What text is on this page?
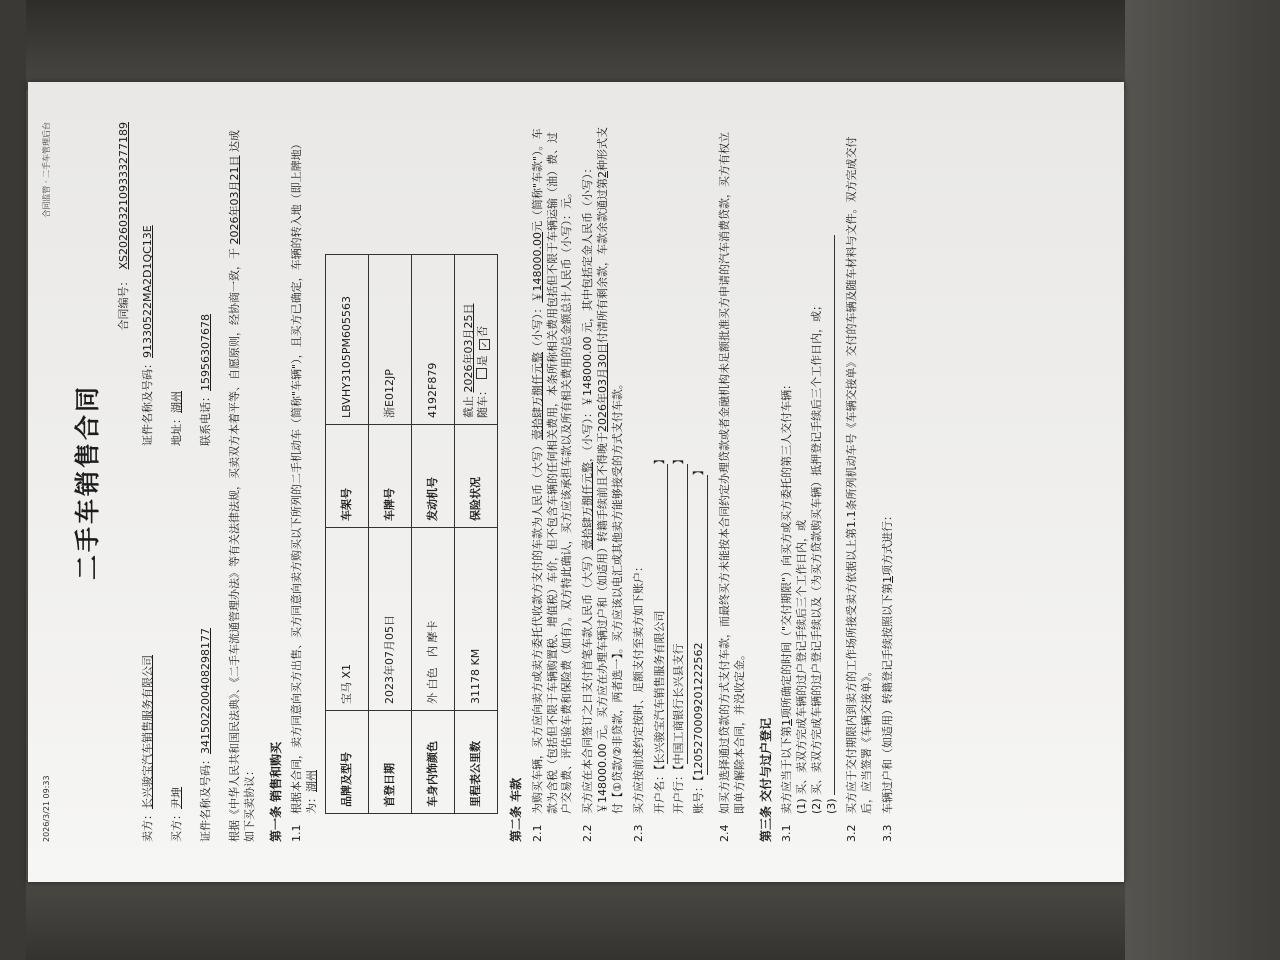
2026/3/21 09:33
合同监管 · 二手车管理后台
二手车销售合同
合同编号：XS2026032109333277189
卖方：长兴骏宝汽车销售服务有限公司
证件名称及号码：91330522MA2D1QC13E
买方：尹坤
地址：湖州
证件名称及号码：341502200408298177
联系电话：15956307678 根据《中华人民共和国民法典》、《二手车流通管理办法》等有关法律法规，买卖双方本着平等、自愿原则，经协商一致，于 2026年03月21日 达成如下买卖协议： 第一条 销售和购买 1.1
根据本合同，卖方同意向买方出售、买方同意向卖方购买以下所列的二手机动车（简称"车辆"），且买方已确定，车辆的转入地（即上牌地）为：湖州 品牌及型号	宝马 X1	车架号	LBVHY3105PM605563
首登日期	2023年07月05日	车牌号	浙E012JP
车身内饰颜色	外 白色   内 摩卡	发动机号	4192F879
里程表公里数	31178 KM	保险状况	截止 2026年03月25日
随车： 是 ✓否
第二条 车款 2.1
为购买车辆，买方应向卖方或卖方委托代收款方支付的车款为人民币（大写）壹拾肆万捌仟元整（小写）：￥148000.00元（简称"车款"）。车款为含税（包括但不限于车辆购置税、增值税）车价，但不包含车辆的任何相关费用，本条所称相关费用包括但不限于车辆运输（油）费、过户交易费、评估验车费和保险费（如有）。双方特此确认，买方应该承担车款以及所有相关费用的总金额总计人民币（小写）：元。
2.2
买方应在本合同签订之日支付首笔车款人民币（大写）壹拾肆万捌仟元整，（小写）：￥148000.00 元，其中包括定金人民币（小写）：￥148000.00 元。买方应在办理车辆过户和（如适用）转籍手续前且不得晚于2026年03月30日付清所有剩余款，车款余款通过第2种形式支付【①贷款/②非贷款，两者选一】。买方应该以电汇或其他卖方能够接受的方式支付车款。
2.3
买方应按前述约定按时、足额支付至卖方如下账户： 开户名：【长兴骏宝汽车销售服务有限公司】
开户行：【中国工商银行长兴县支行】
账号：【1205270009201222562】
2.4
如买方选择通过贷款的方式支付车款，而最终买方未能按本合同约定办理贷款或者金融机构未足额批准买方申请的汽车消费贷款，买方有权立即单方解除本合同，并没收定金。 第三条 交付与过户登记 3.1
卖方应当于以下第1项所确定的时间（"交付期限"）向买方或买方委托的第三人交付车辆： (1) 买、卖双方完成车辆的过户登记手续后三个工作日内，或 (2) 买、卖双方完成车辆的过户登记手续以及（为买方贷款购买车辆）抵押登记手续后三个工作日内，或； (3)
3.2
买方应于交付期限内到卖方的工作场所接受卖方依据以上第1.1条所列机动车号《车辆交接单》交付的车辆及随车材料与文件。双方完成交付后，应当签署《车辆交接单》。
3.3
车辆过户和（如适用）转籍登记手续按照以下第1项方式进行：
